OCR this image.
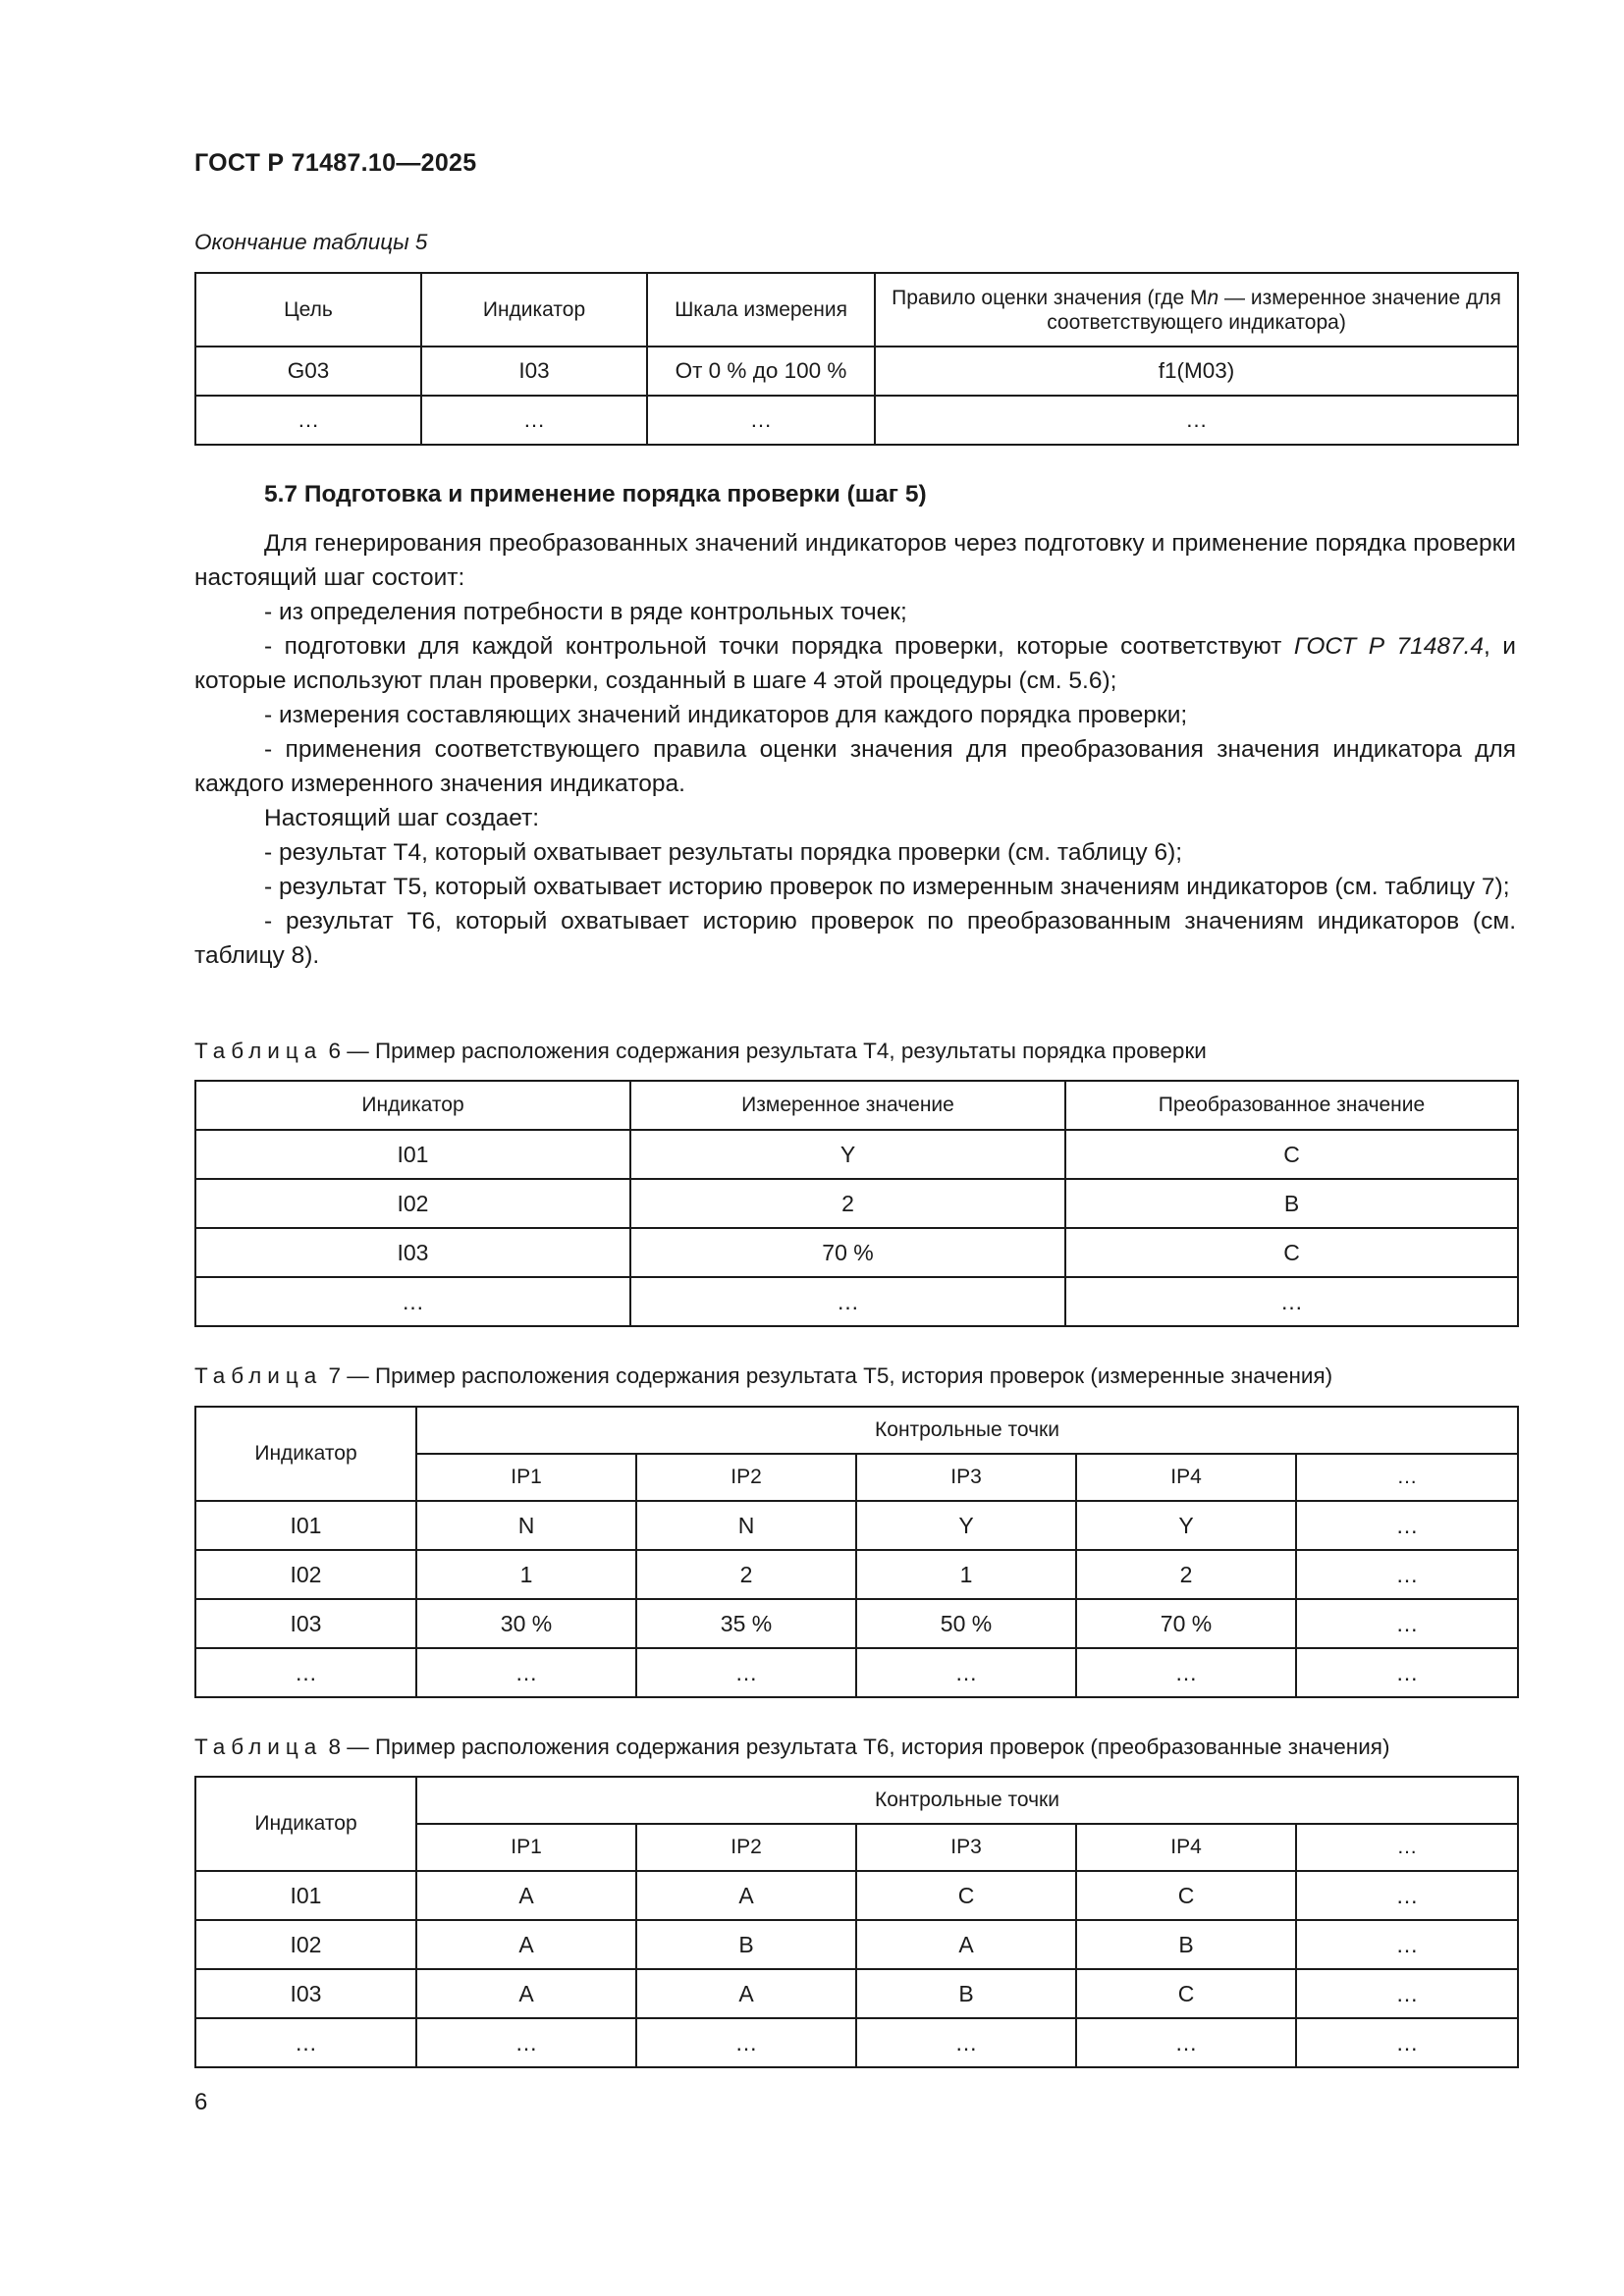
ГОСТ Р 71487.10—2025
Окончание таблицы 5
Цель	Индикатор	Шкала измерения	Правило оценки значения (где Mn — измеренное значение для соответствующего индикатора)
G03	I03	От 0 % до 100 %	f1(M03)
…	…	…	…
5.7 Подготовка и применение порядка проверки (шаг 5)

Для генерирования преобразованных значений индикаторов через подготовку и применение порядка проверки настоящий шаг состоит:

- из определения потребности в ряде контрольных точек;

- подготовки для каждой контрольной точки порядка проверки, которые соответствуют ГОСТ Р 71487.4, и которые используют план проверки, созданный в шаге 4 этой процедуры (см. 5.6);

- измерения составляющих значений индикаторов для каждого порядка проверки;

- применения соответствующего правила оценки значения для преобразования значения индикатора для каждого измеренного значения индикатора.

Настоящий шаг создает:

- результат Т4, который охватывает результаты порядка проверки (см. таблицу 6);

- результат Т5, который охватывает историю проверок по измеренным значениям индикаторов (см. таблицу 7);

- результат Т6, который охватывает историю проверок по преобразованным значениям индикаторов (см. таблицу 8).

Таблица 6 — Пример расположения содержания результата Т4, результаты порядка проверки
Индикатор	Измеренное значение	Преобразованное значение
I01	Y	C
I02	2	B
I03	70 %	C
…	…	…
Таблица 7 — Пример расположения содержания результата Т5, история проверок (измеренные значения)
Индикатор	Контрольные точки				
	IP1	IP2	IP3	IP4	…
I01	N	N	Y	Y	…
I02	1	2	1	2	…
I03	30 %	35 %	50 %	70 %	…
…	…	…	…	…	…
Таблица 8 — Пример расположения содержания результата Т6, история проверок (преобразованные значения)
Индикатор	Контрольные точки				
	IP1	IP2	IP3	IP4	…
I01	A	A	C	C	…
I02	A	B	A	B	…
I03	A	A	B	C	…
…	…	…	…	…	…
6
